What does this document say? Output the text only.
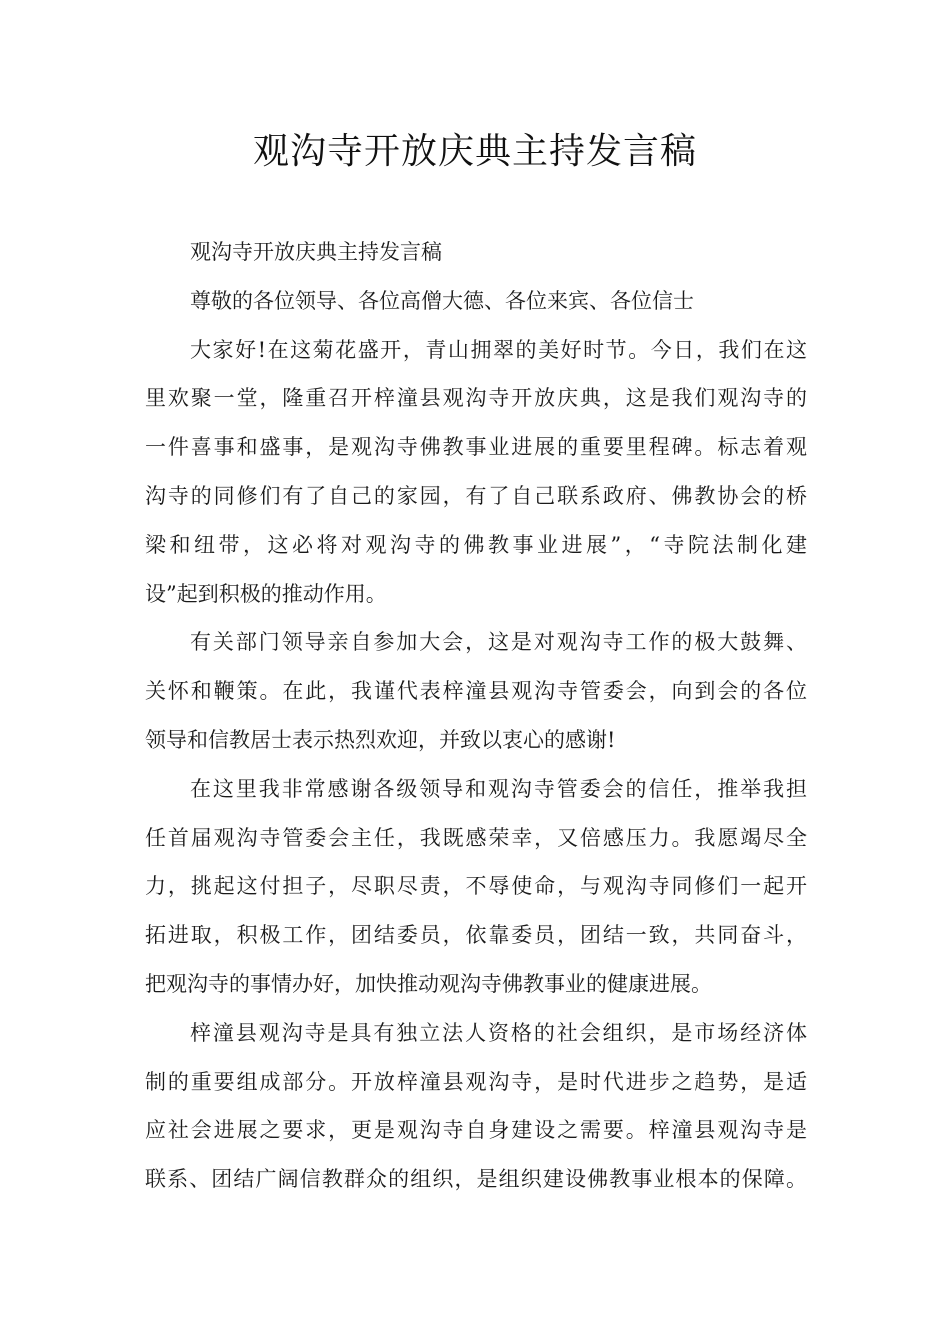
观沟寺开放庆典主持发言稿
观沟寺开放庆典主持发言稿
尊敬的各位领导、各位高僧大德、各位来宾、各位信士
大家好!在这菊花盛开，青山拥翠的美好时节。今日，我们在这
里欢聚一堂，隆重召开梓潼县观沟寺开放庆典，这是我们观沟寺的
一件喜事和盛事，是观沟寺佛教事业进展的重要里程碑。标志着观
沟寺的同修们有了自己的家园，有了自己联系政府、佛教协会的桥
梁和纽带，这必将对观沟寺的佛教事业进展”，“寺院法制化建
设”起到积极的推动作用。
有关部门领导亲自参加大会，这是对观沟寺工作的极大鼓舞、
关怀和鞭策。在此，我谨代表梓潼县观沟寺管委会，向到会的各位
领导和信教居士表示热烈欢迎，并致以衷心的感谢!
在这里我非常感谢各级领导和观沟寺管委会的信任，推举我担
任首届观沟寺管委会主任，我既感荣幸，又倍感压力。我愿竭尽全
力，挑起这付担子，尽职尽责，不辱使命，与观沟寺同修们一起开
拓进取，积极工作，团结委员，依靠委员，团结一致，共同奋斗，
把观沟寺的事情办好，加快推动观沟寺佛教事业的健康进展。
梓潼县观沟寺是具有独立法人资格的社会组织，是市场经济体
制的重要组成部分。开放梓潼县观沟寺，是时代进步之趋势，是适
应社会进展之要求，更是观沟寺自身建设之需要。梓潼县观沟寺是
联系、团结广阔信教群众的组织，是组织建设佛教事业根本的保障。
